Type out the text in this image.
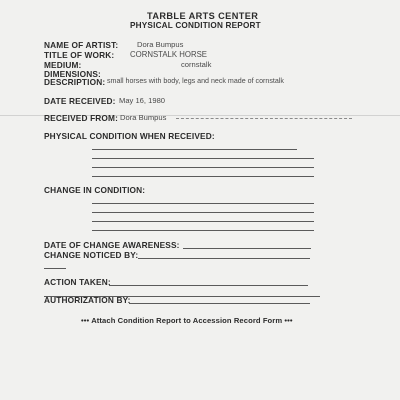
TARBLE ARTS CENTER
PHYSICAL CONDITION REPORT
NAME OF ARTIST: Dora Bumpus
TITLE OF WORK: CORNSTALK HORSE
MEDIUM:	cornstalk
DIMENSIONS:
DESCRIPTION: small horses with body, legs and neck made of cornstalk
DATE RECEIVED: May 16, 1980
RECEIVED FROM: Dora Bumpus
PHYSICAL CONDITION WHEN RECEIVED:
CHANGE IN CONDITION:
DATE OF CHANGE AWARENESS:
CHANGE NOTICED BY:
ACTION TAKEN:
AUTHORIZATION BY:
••• Attach Condition Report to Accession Record Form •••
